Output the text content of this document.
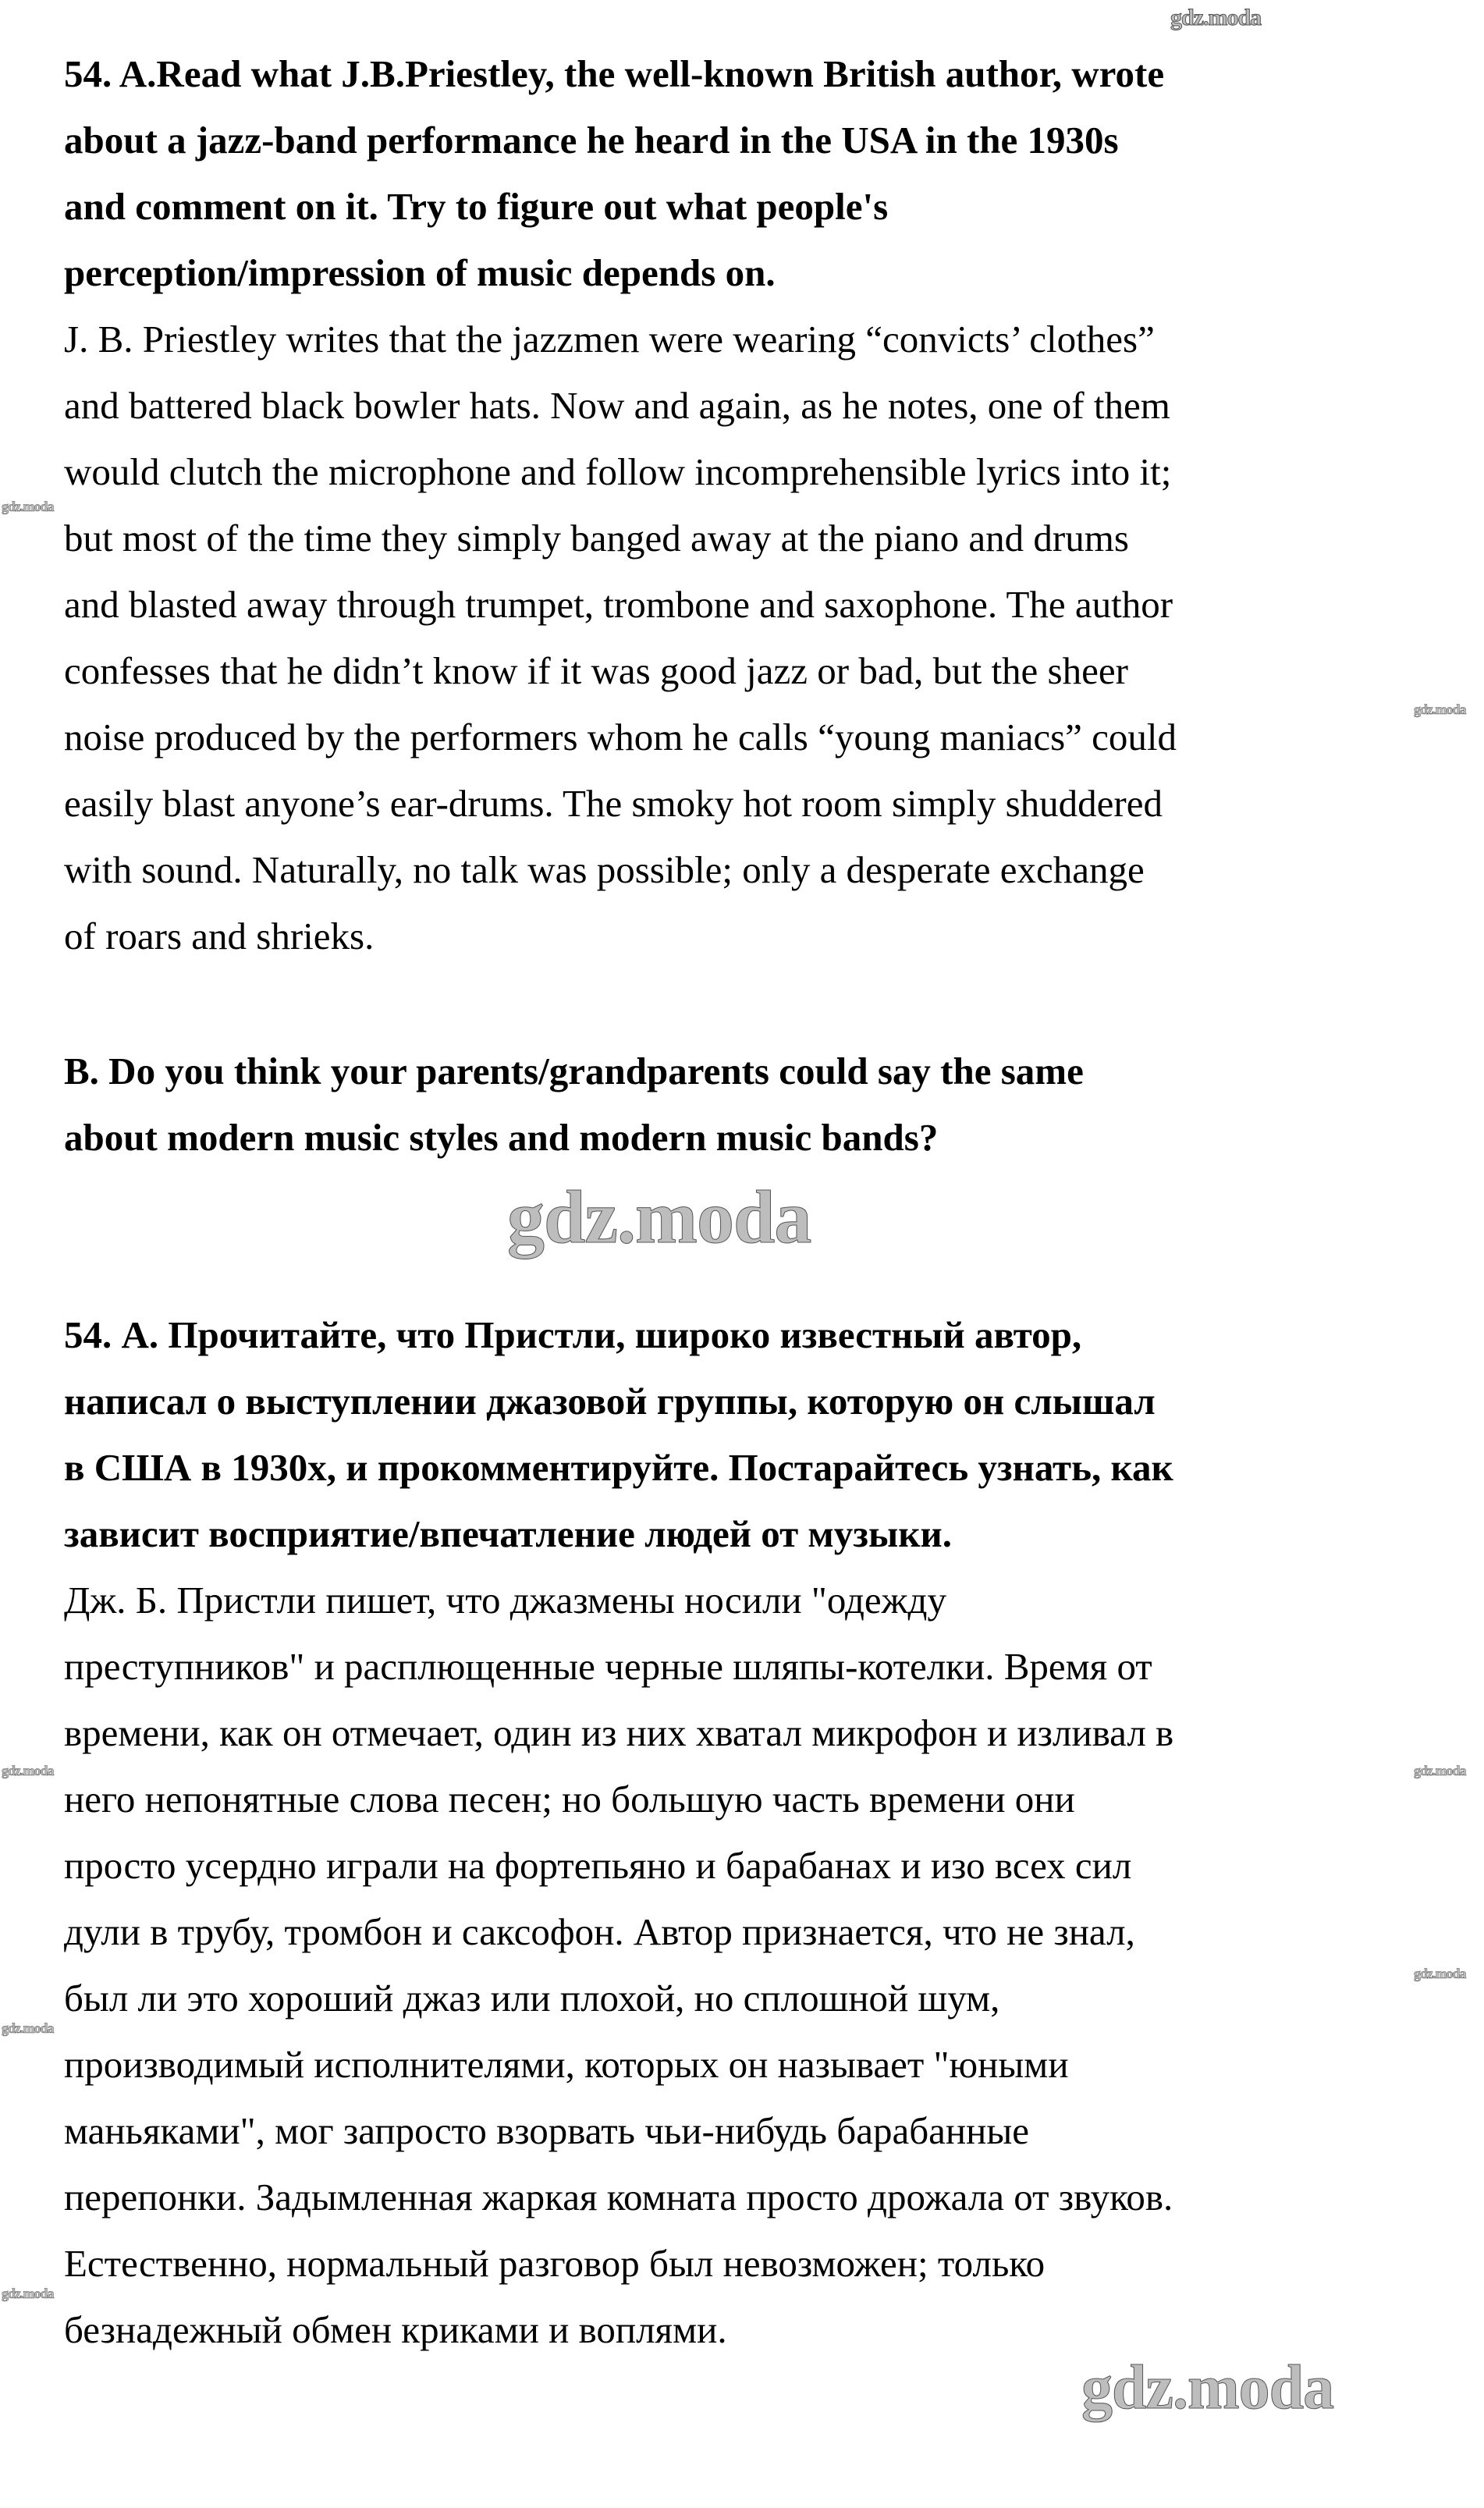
gdz.moda
gdz.moda
gdz.moda
gdz.moda
gdz.moda	gdz.moda
gdz.moda
gdz.moda
gdz.moda
gdz.moda
54. A.Read what J.B.Priestley, the well-known British author, wrote
about a jazz-band performance he heard in the USA in the 1930s
and comment on it. Try to figure out what people's
perception/impression of music depends on.
J. B. Priestley writes that the jazzmen were wearing “convicts’ clothes”
and battered black bowler hats. Now and again, as he notes, one of them
would clutch the microphone and follow incomprehensible lyrics into it;
but most of the time they simply banged away at the piano and drums
and blasted away through trumpet, trombone and saxophone. The author
confesses that he didn’t know if it was good jazz or bad, but the sheer
noise produced by the performers whom he calls “young maniacs” could
easily blast anyone’s ear-drums. The smoky hot room simply shuddered
with sound. Naturally, no talk was possible; only a desperate exchange
of roars and shrieks.
B. Do you think your parents/grandparents could say the same
about modern music styles and modern music bands?
54. А. Прочитайте, что Пристли, широко известный автор,
написал о выступлении джазовой группы, которую он слышал
в США в 1930х, и прокомментируйте. Постарайтесь узнать, как
зависит восприятие/впечатление людей от музыки.
Дж. Б. Пристли пишет, что джазмены носили "одежду
преступников" и расплющенные черные шляпы-котелки. Время от
времени, как он отмечает, один из них хватал микрофон и изливал в
него непонятные слова песен; но большую часть времени они
просто усердно играли на фортепьяно и барабанах и изо всех сил
дули в трубу, тромбон и саксофон. Автор признается, что не знал,
был ли это хороший джаз или плохой, но сплошной шум,
производимый исполнителями, которых он называет "юными
маньяками", мог запросто взорвать чьи-нибудь барабанные
перепонки. Задымленная жаркая комната просто дрожала от звуков.
Естественно, нормальный разговор был невозможен; только
безнадежный обмен криками и воплями.
